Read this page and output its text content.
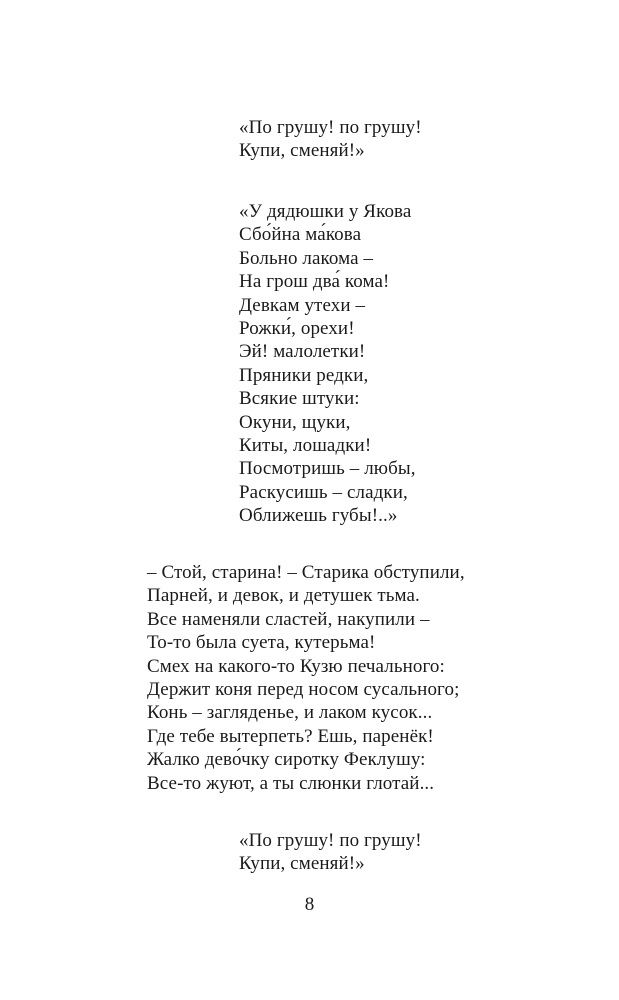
«По грушу! по грушу!
Купи, сменяй!»
«У дядюшки у Якова
Сбо́йна ма́кова
Больно лакома –
На грош два́ кома!
Девкам утехи –
Рожки́, орехи!
Эй! малолетки!
Пряники редки,
Всякие штуки:
Окуни, щуки,
Киты, лошадки!
Посмотришь – любы,
Раскусишь – сладки,
Оближешь губы!..»
– Стой, старина! – Старика обступили,
Парней, и девок, и детушек тьма.
Все наменяли сластей, накупили –
То-то была суета, кутерьма!
Смех на какого-то Кузю печального:
Держит коня перед носом сусального;
Конь – загляденье, и лаком кусок...
Где тебе вытерпеть? Ешь, паренёк!
Жалко дево́чку сиротку Феклушу:
Все-то жуют, а ты слюнки глотай...
«По грушу! по грушу!
Купи, сменяй!»
8
